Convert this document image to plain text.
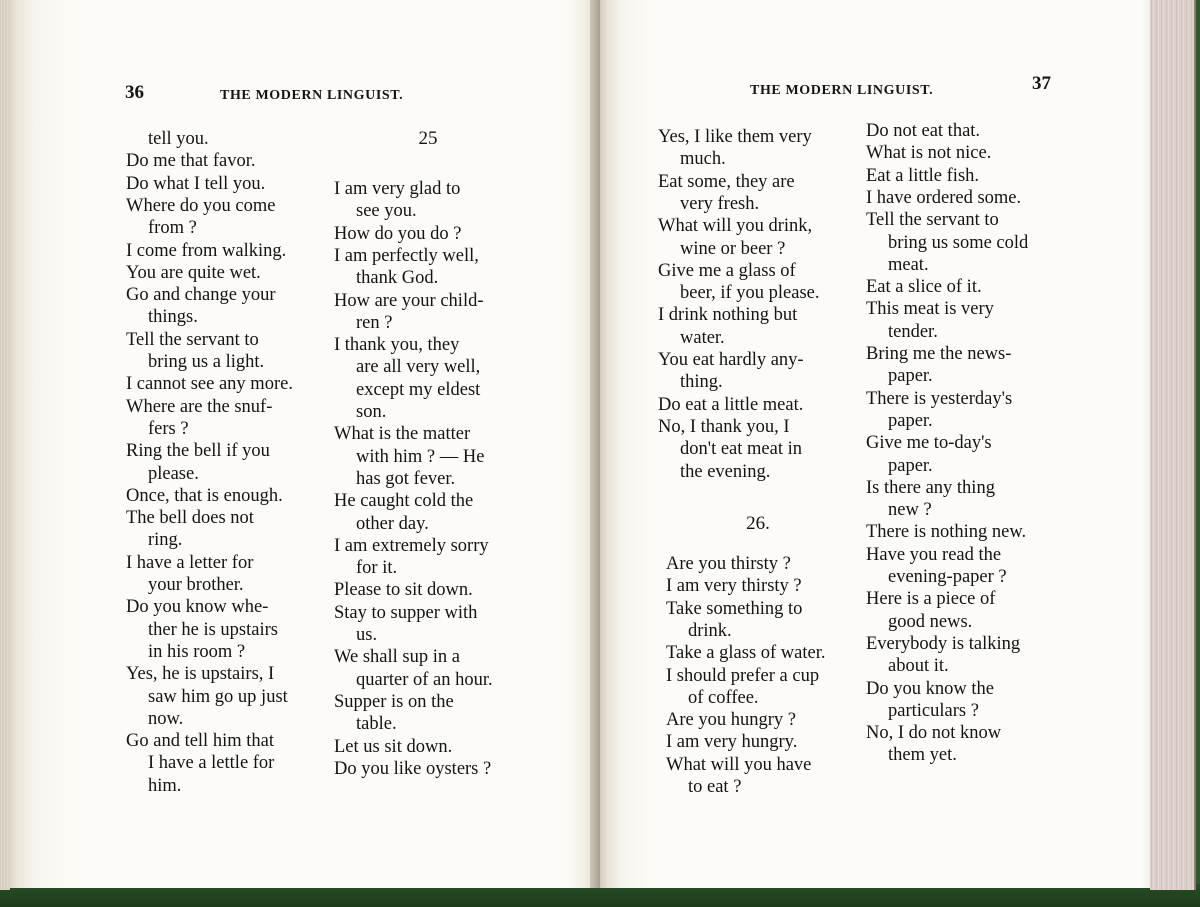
36	THE MODERN LINGUIST.
tell you.
Do me that favor.
Do what I tell you.
Where do you come
from ?
I come from walking.
You are quite wet.
Go and change your
things.
Tell the servant to
bring us a light.
I cannot see any more.
Where are the snuf-
fers ?
Ring the bell if you
please.
Once, that is enough.
The bell does not
ring.
I have a letter for
your brother.
Do you know whe-
ther he is upstairs
in his room ?
Yes, he is upstairs, I
saw him go up just
now.
Go and tell him that
I have a lettle for
him.
25
I am very glad to
see you.
How do you do ?
I am perfectly well,
thank God.
How are your child-
ren ?
I thank you, they
are all very well,
except my eldest
son.
What is the matter
with him ? — He
has got fever.
He caught cold the
other day.
I am extremely sorry
for it.
Please to sit down.
Stay to supper with
us.
We shall sup in a
quarter of an hour.
Supper is on the
table.
Let us sit down.
Do you like oysters ?
THE MODERN LINGUIST.	37
Yes, I like them very
much.
Eat some, they are
very fresh.
What will you drink,
wine or beer ?
Give me a glass of
beer, if you please.
I drink nothing but
water.
You eat hardly any-
thing.
Do eat a little meat.
No, I thank you, I
don't eat meat in
the evening.
26.
Are you thirsty ?
I am very thirsty ?
Take something to
drink.
Take a glass of water.
I should prefer a cup
of coffee.
Are you hungry ?
I am very hungry.
What will you have
to eat ?
Do not eat that.
What is not nice.
Eat a little fish.
I have ordered some.
Tell the servant to
bring us some cold
meat.
Eat a slice of it.
This meat is very
tender.
Bring me the news-
paper.
There is yesterday's
paper.
Give me to-day's
paper.
Is there any thing
new ?
There is nothing new.
Have you read the
evening-paper ?
Here is a piece of
good news.
Everybody is talking
about it.
Do you know the
particulars ?
No, I do not know
them yet.
